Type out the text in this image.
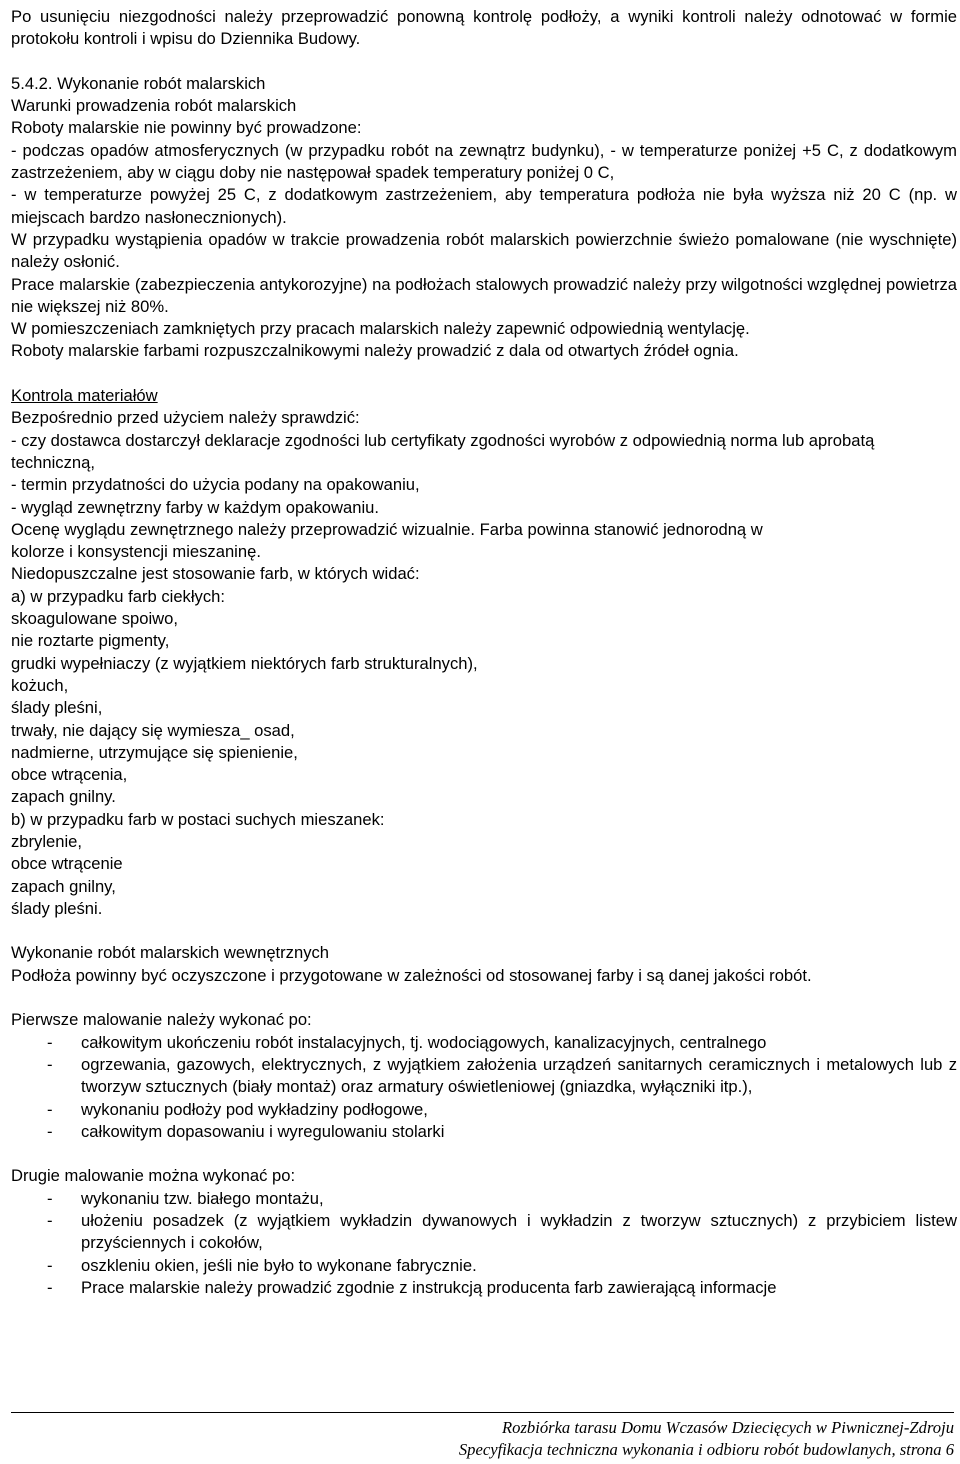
Po usunięciu niezgodności należy przeprowadzić ponowną kontrolę podłoży, a wyniki kontroli należy odnotować w formie protokołu kontroli i wpisu do Dziennika Budowy.

5.4.2. Wykonanie robót malarskich

Warunki prowadzenia robót malarskich

Roboty malarskie nie powinny być prowadzone:

- podczas opadów atmosferycznych (w przypadku robót na zewnątrz budynku), - w temperaturze poniżej +5 C, z dodatkowym zastrzeżeniem, aby w ciągu doby nie następował spadek temperatury poniżej 0 C,

- w temperaturze powyżej 25 C, z dodatkowym zastrzeżeniem, aby temperatura podłoża nie była wyższa niż 20 C (np. w miejscach bardzo nasłonecznionych).

W przypadku wystąpienia opadów w trakcie prowadzenia robót malarskich powierzchnie świeżo pomalowane (nie wyschnięte) należy osłonić.

Prace malarskie (zabezpieczenia antykorozyjne) na podłożach stalowych prowadzić należy przy wilgotności względnej powietrza nie większej niż 80%.

W pomieszczeniach zamkniętych przy pracach malarskich należy zapewnić odpowiednią wentylację.

Roboty malarskie farbami rozpuszczalnikowymi należy prowadzić z dala od otwartych źródeł ognia.

Kontrola materiałów

Bezpośrednio przed użyciem należy sprawdzić:

- czy dostawca dostarczył deklaracje zgodności lub certyfikaty zgodności wyrobów z odpowiednią norma lub aprobatą techniczną,

- termin przydatności do użycia podany na opakowaniu,

- wygląd zewnętrzny farby w każdym opakowaniu.

Ocenę wyglądu zewnętrznego należy przeprowadzić wizualnie. Farba powinna stanowić jednorodną w kolorze i konsystencji mieszaninę.

Niedopuszczalne jest stosowanie farb, w których widać:

a) w przypadku farb ciekłych:

skoagulowane spoiwo,

nie roztarte pigmenty,

grudki wypełniaczy (z wyjątkiem niektórych farb strukturalnych),

kożuch,

ślady pleśni,

trwały, nie dający się wymiesza_ osad,

nadmierne, utrzymujące się spienienie,

obce wtrącenia,

zapach gnilny.

b) w przypadku farb w postaci suchych mieszanek:

zbrylenie,

obce wtrącenie

zapach gnilny,

ślady pleśni.

Wykonanie robót malarskich wewnętrznych

Podłoża powinny być oczyszczone i przygotowane w zależności od stosowanej farby i są danej jakości robót.

Pierwsze malowanie należy wykonać po:

- całkowitym ukończeniu robót instalacyjnych, tj. wodociągowych, kanalizacyjnych, centralnego
- ogrzewania, gazowych, elektrycznych, z wyjątkiem założenia urządzeń sanitarnych ceramicznych i metalowych lub z tworzyw sztucznych (biały montaż) oraz armatury oświetleniowej (gniazdka, wyłączniki itp.),
- wykonaniu podłoży pod wykładziny podłogowe,
- całkowitym dopasowaniu i wyregulowaniu stolarki

Drugie malowanie można wykonać po:

- wykonaniu tzw. białego montażu,
- ułożeniu posadzek (z wyjątkiem wykładzin dywanowych i wykładzin z tworzyw sztucznych) z przybiciem listew przyściennych i cokołów,
- oszkleniu okien, jeśli nie było to wykonane fabrycznie.
- Prace malarskie należy prowadzić zgodnie z instrukcją producenta farb zawierającą informacje
Rozbiórka tarasu Domu Wczasów Dziecięcych w Piwnicznej-Zdroju
Specyfikacja techniczna wykonania i odbioru robót budowlanych, strona 6
